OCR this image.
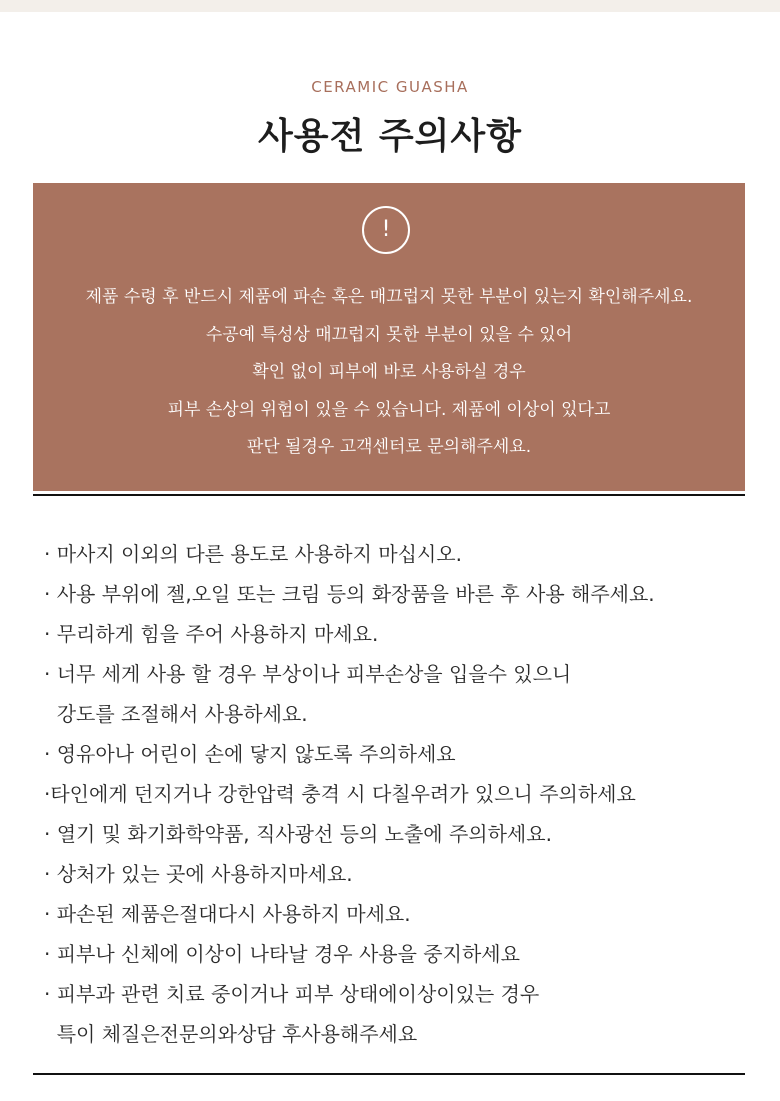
CERAMIC GUASHA
사용전 주의사항
!
제품 수령 후 반드시 제품에 파손 혹은 매끄럽지 못한 부분이 있는지 확인해주세요.
수공예 특성상 매끄럽지 못한 부분이 있을 수 있어
확인 없이 피부에 바로 사용하실 경우
피부 손상의 위험이 있을 수 있습니다. 제품에 이상이 있다고
판단 될경우 고객센터로 문의해주세요.
· 마사지 이외의 다른 용도로 사용하지 마십시오.
· 사용 부위에 젤,오일 또는 크림 등의 화장품을 바른 후 사용 해주세요.
· 무리하게 힘을 주어 사용하지 마세요.
· 너무 세게 사용 할 경우 부상이나 피부손상을 입을수 있으니
강도를 조절해서 사용하세요.
· 영유아나 어린이 손에 닿지 않도록 주의하세요
·타인에게 던지거나 강한압력 충격 시 다칠우려가 있으니 주의하세요
· 열기 및 화기화학약품, 직사광선 등의 노출에 주의하세요.
· 상처가 있는 곳에 사용하지마세요.
· 파손된 제품은절대다시 사용하지 마세요.
· 피부나 신체에 이상이 나타날 경우 사용을 중지하세요
· 피부과 관련 치료 중이거나 피부 상태에이상이있는 경우
특이 체질은전문의와상담 후사용해주세요
